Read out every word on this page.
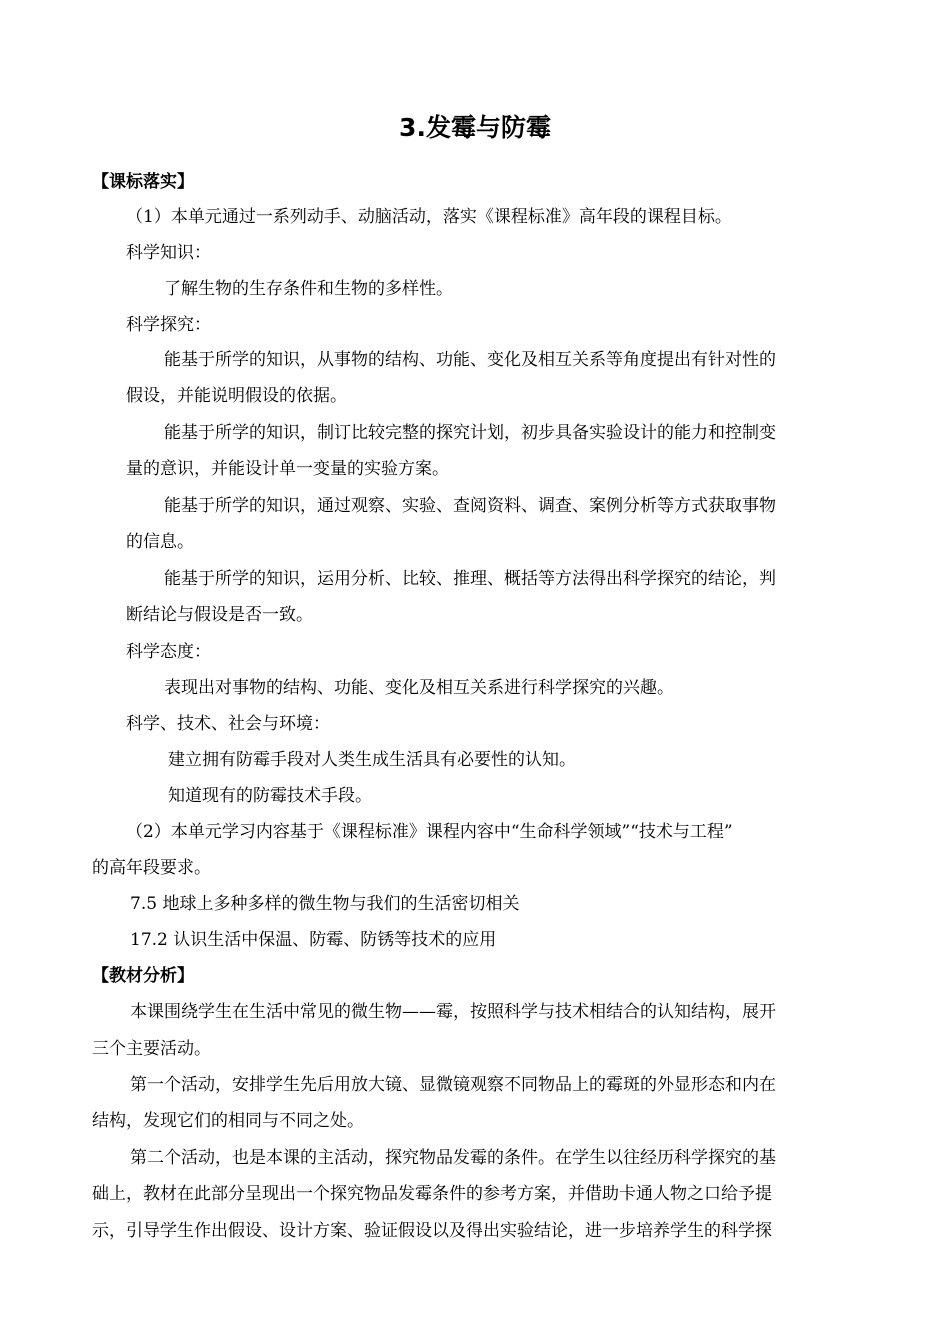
3.发霉与防霉
【课标落实】
（1）本单元通过一系列动手、动脑活动，落实《课程标准》高年段的课程目标。
科学知识：
了解生物的生存条件和生物的多样性。
科学探究：
能基于所学的知识，从事物的结构、功能、变化及相互关系等角度提出有针对性的
假设，并能说明假设的依据。
能基于所学的知识，制订比较完整的探究计划，初步具备实验设计的能力和控制变
量的意识，并能设计单一变量的实验方案。
能基于所学的知识，通过观察、实验、查阅资料、调查、案例分析等方式获取事物
的信息。
能基于所学的知识，运用分析、比较、推理、概括等方法得出科学探究的结论，判
断结论与假设是否一致。
科学态度：
表现出对事物的结构、功能、变化及相互关系进行科学探究的兴趣。
科学、技术、社会与环境：
建立拥有防霉手段对人类生成生活具有必要性的认知。
知道现有的防霉技术手段。
（2）本单元学习内容基于《课程标准》课程内容中“生命科学领域”“技术与工程”
的高年段要求。
7.5 地球上多种多样的微生物与我们的生活密切相关
17.2 认识生活中保温、防霉、防锈等技术的应用
【教材分析】
本课围绕学生在生活中常见的微生物——霉，按照科学与技术相结合的认知结构，展开
三个主要活动。
第一个活动，安排学生先后用放大镜、显微镜观察不同物品上的霉斑的外显形态和内在
结构，发现它们的相同与不同之处。
第二个活动，也是本课的主活动，探究物品发霉的条件。在学生以往经历科学探究的基
础上，教材在此部分呈现出一个探究物品发霉条件的参考方案，并借助卡通人物之口给予提
示，引导学生作出假设、设计方案、验证假设以及得出实验结论，进一步培养学生的科学探
